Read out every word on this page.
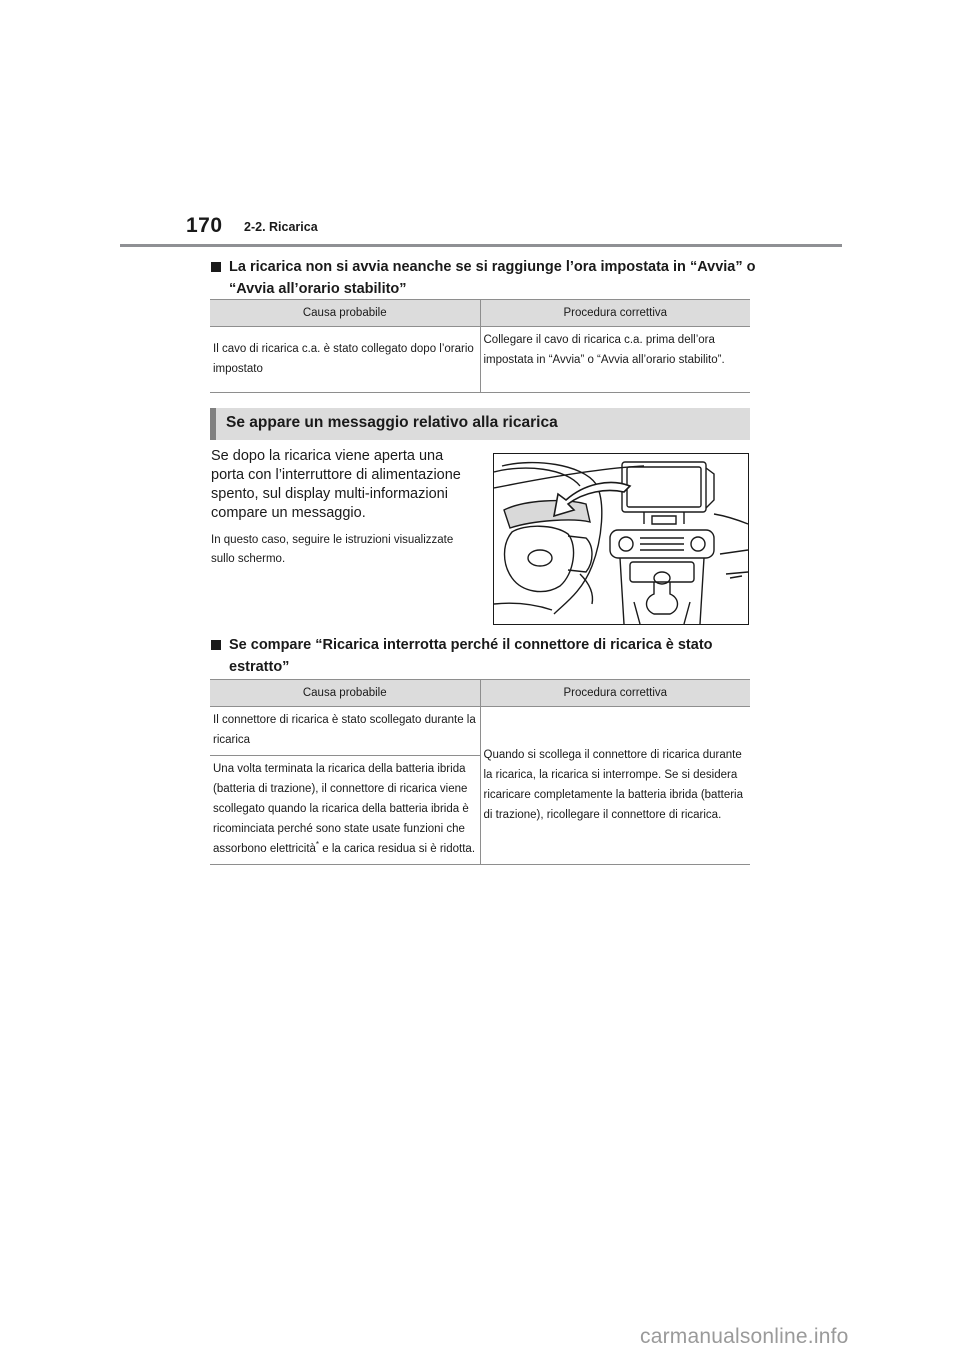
170 2-2. Ricarica
La ricarica non si avvia neanche se si raggiunge l’ora impostata in “Avvia” o “Avvia all’orario stabilito”
Causa probabile	Procedura correttiva
Il cavo di ricarica c.a. è stato collegato dopo l’orario impostato	Collegare il cavo di ricarica c.a. prima dell’ora impostata in “Avvia” o “Avvia all’orario stabilito”.
Se appare un messaggio relativo alla ricarica
Se dopo la ricarica viene aperta una porta con l’interruttore di alimentazione spento, sul display multi-informazioni compare un messaggio.
In questo caso, seguire le istruzioni visualizzate sullo schermo.
Se compare “Ricarica interrotta perché il connettore di ricarica è stato estratto”
Causa probabile	Procedura correttiva
Il connettore di ricarica è stato scollegato durante la ricarica	Quando si scollega il connettore di ricarica durante la ricarica, la ricarica si interrompe. Se si desidera ricaricare completamente la batteria ibrida (batteria di trazione), ricollegare il connettore di ricarica.
Una volta terminata la ricarica della batteria ibrida (batteria di trazione), il connettore di ricarica viene scollegato quando la ricarica della batteria ibrida è ricominciata perché sono state usate funzioni che assorbono elettricità* e la carica residua si è ridotta.	
carmanualsonline.info
